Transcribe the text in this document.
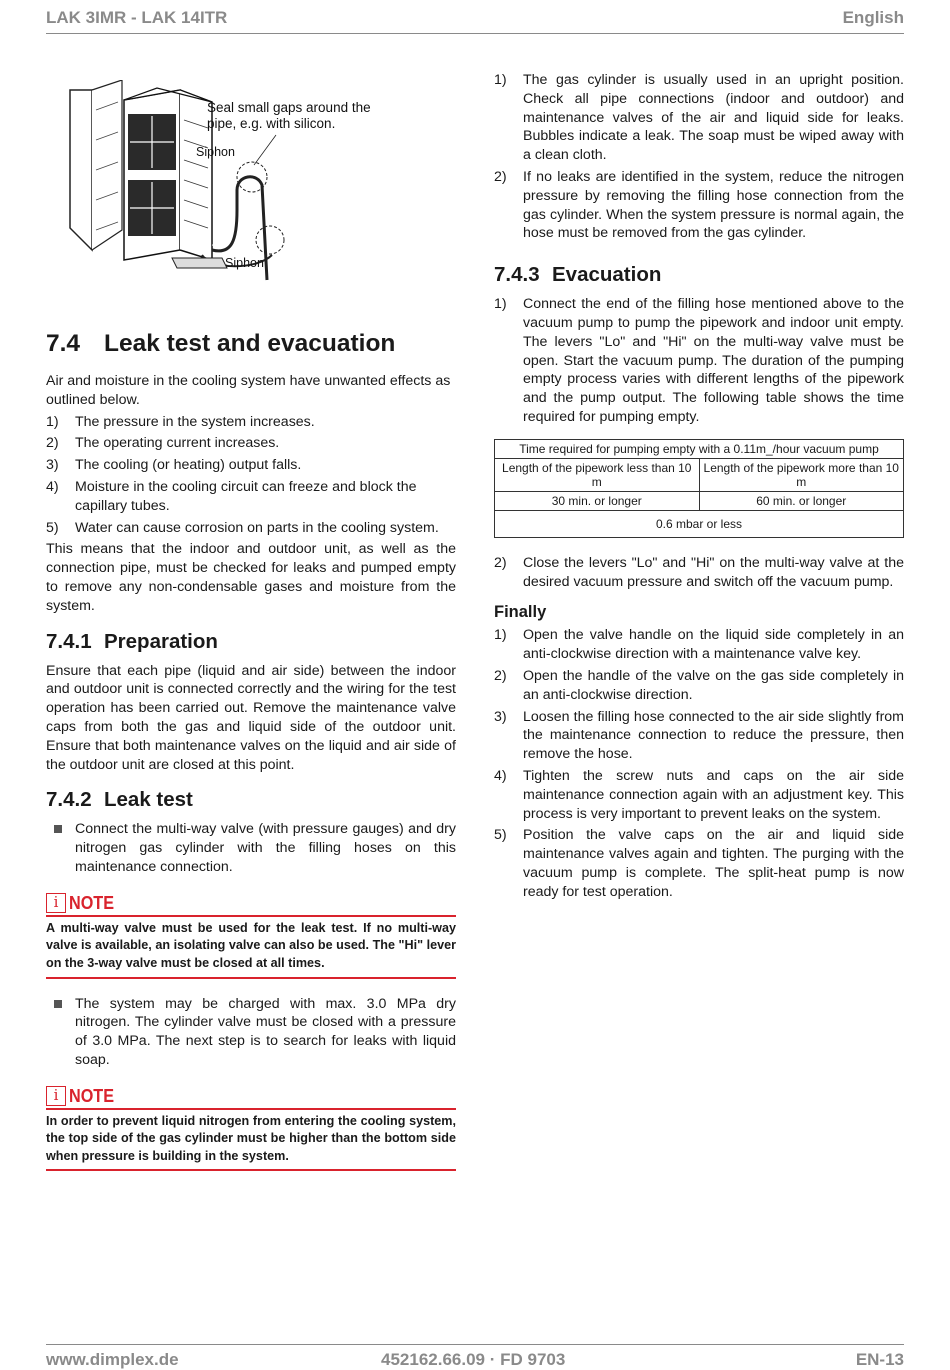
LAK 3IMR - LAK 14ITR	English
Seal small gaps around the pipe, e.g. with silicon.
Siphon
Siphon
7.4 Leak test and evacuation

Air and moisture in the cooling system have unwanted effects as outlined below.

1) The pressure in the system increases.
2) The operating current increases.
3) The cooling (or heating) output falls.
4) Moisture in the cooling circuit can freeze and block the capillary tubes.
5) Water can cause corrosion on parts in the cooling system.

This means that the indoor and outdoor unit, as well as the connection pipe, must be checked for leaks and pumped empty to remove any non-condensable gases and moisture from the system.

7.4.1 Preparation

Ensure that each pipe (liquid and air side) between the indoor and outdoor unit is connected correctly and the wiring for the test operation has been carried out. Remove the maintenance valve caps from both the gas and liquid side of the outdoor unit. Ensure that both maintenance valves on the liquid and air side of the outdoor unit are closed at this point.

7.4.2 Leak test
Connect the multi-way valve (with pressure gauges) and dry nitrogen gas cylinder with the filling hoses on this maintenance connection.
i NOTE

A multi-way valve must be used for the leak test. If no multi-way valve is available, an isolating valve can also be used. The "Hi" lever on the 3-way valve must be closed at all times.

The system may be charged with max. 3.0 MPa dry nitrogen. The cylinder valve must be closed with a pressure of 3.0 MPa. The next step is to search for leaks with liquid soap.
i NOTE

In order to prevent liquid nitrogen from entering the cooling system, the top side of the gas cylinder must be higher than the bottom side when pressure is building in the system.

1) The gas cylinder is usually used in an upright position. Check all pipe connections (indoor and outdoor) and maintenance valves of the air and liquid side for leaks. Bubbles indicate a leak. The soap must be wiped away with a clean cloth.
2) If no leaks are identified in the system, reduce the nitrogen pressure by removing the filling hose connection from the gas cylinder. When the system pressure is normal again, the hose must be removed from the gas cylinder.
7.4.3 Evacuation
1) Connect the end of the filling hose mentioned above to the vacuum pump to pump the pipework and indoor unit empty. The levers "Lo" and "Hi" on the multi-way valve must be open. Start the vacuum pump. The duration of the pumping empty process varies with different lengths of the pipework and the pump output. The following table shows the time required for pumping empty.
Time required for pumping empty with a 0.11m_/hour vacuum pump	
Length of the pipework less than 10 m	Length of the pipework more than 10 m
30 min. or longer	60 min. or longer
0.6 mbar or less	
2) Close the levers "Lo" and "Hi" on the multi-way valve at the desired vacuum pressure and switch off the vacuum pump.
Finally
1) Open the valve handle on the liquid side completely in an anti-clockwise direction with a maintenance valve key.
2) Open the handle of the valve on the gas side completely in an anti-clockwise direction.
3) Loosen the filling hose connected to the air side slightly from the maintenance connection to reduce the pressure, then remove the hose.
4) Tighten the screw nuts and caps on the air side maintenance connection again with an adjustment key. This process is very important to prevent leaks on the system.
5) Position the valve caps on the air and liquid side maintenance valves again and tighten. The purging with the vacuum pump is complete. The split-heat pump is now ready for test operation.
www.dimplex.de	452162.66.09 · FD 9703	EN-13
